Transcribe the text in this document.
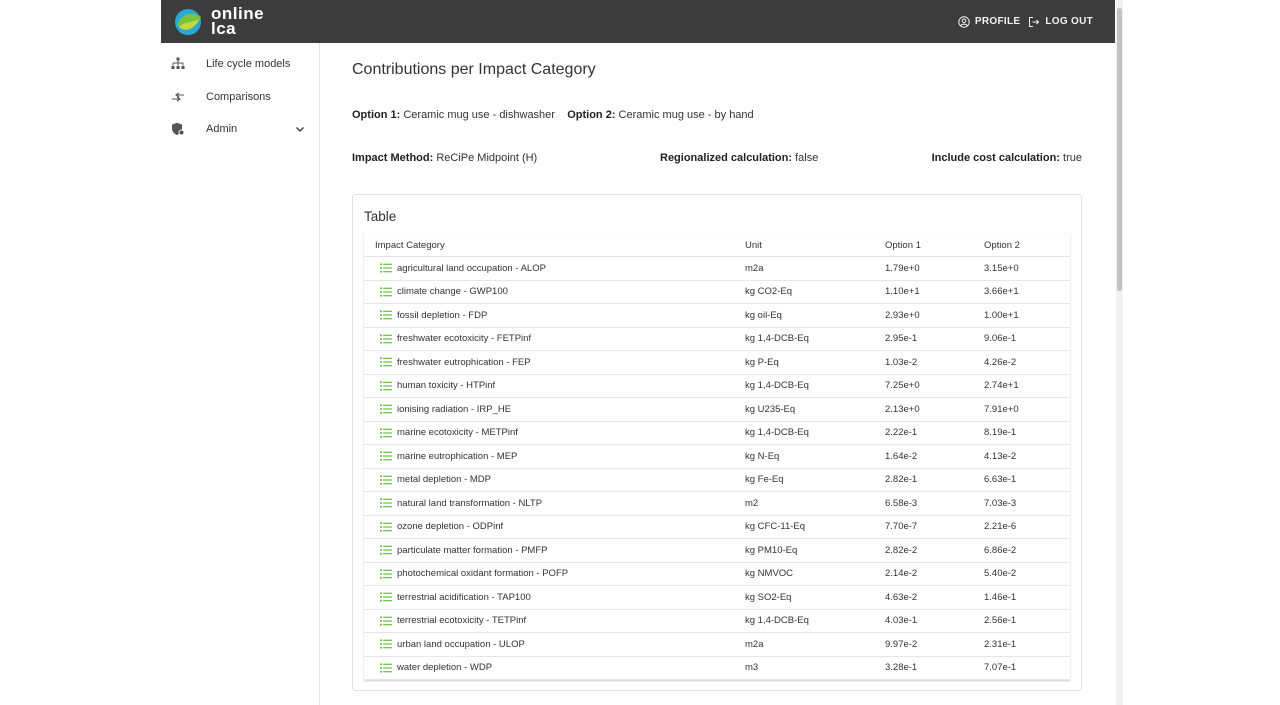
online
lca	PROFILE	LOG OUT
Life cycle models
Comparisons
Admin
Contributions per Impact Category
Option 1: Ceramic mug use - dishwasher Option 2: Ceramic mug use - by hand
Impact Method: ReCiPe Midpoint (H)	Regionalized calculation: false	Include cost calculation: true
Table
Impact Category	Unit	Option 1	Option 2

agricultural land occupation - ALOP	m2a	1.79e+0	3.15e+0

climate change - GWP100	kg CO2-Eq	1.10e+1	3.66e+1

fossil depletion - FDP	kg oil-Eq	2.93e+0	1.00e+1

freshwater ecotoxicity - FETPinf	kg 1,4-DCB-Eq	2.95e-1	9.06e-1

freshwater eutrophication - FEP	kg P-Eq	1.03e-2	4.26e-2

human toxicity - HTPinf	kg 1,4-DCB-Eq	7.25e+0	2.74e+1

ionising radiation - IRP_HE	kg U235-Eq	2.13e+0	7.91e+0

marine ecotoxicity - METPinf	kg 1,4-DCB-Eq	2.22e-1	8.19e-1

marine eutrophication - MEP	kg N-Eq	1.64e-2	4.13e-2

metal depletion - MDP	kg Fe-Eq	2.82e-1	6.63e-1

natural land transformation - NLTP	m2	6.58e-3	7.03e-3

ozone depletion - ODPinf	kg CFC-11-Eq	7.70e-7	2.21e-6

particulate matter formation - PMFP	kg PM10-Eq	2.82e-2	6.86e-2

photochemical oxidant formation - POFP	kg NMVOC	2.14e-2	5.40e-2

terrestrial acidification - TAP100	kg SO2-Eq	4.63e-2	1.46e-1

terrestrial ecotoxicity - TETPinf	kg 1,4-DCB-Eq	4.03e-1	2.56e-1

urban land occupation - ULOP	m2a	9.97e-2	2.31e-1

water depletion - WDP	m3	3.28e-1	7.07e-1
